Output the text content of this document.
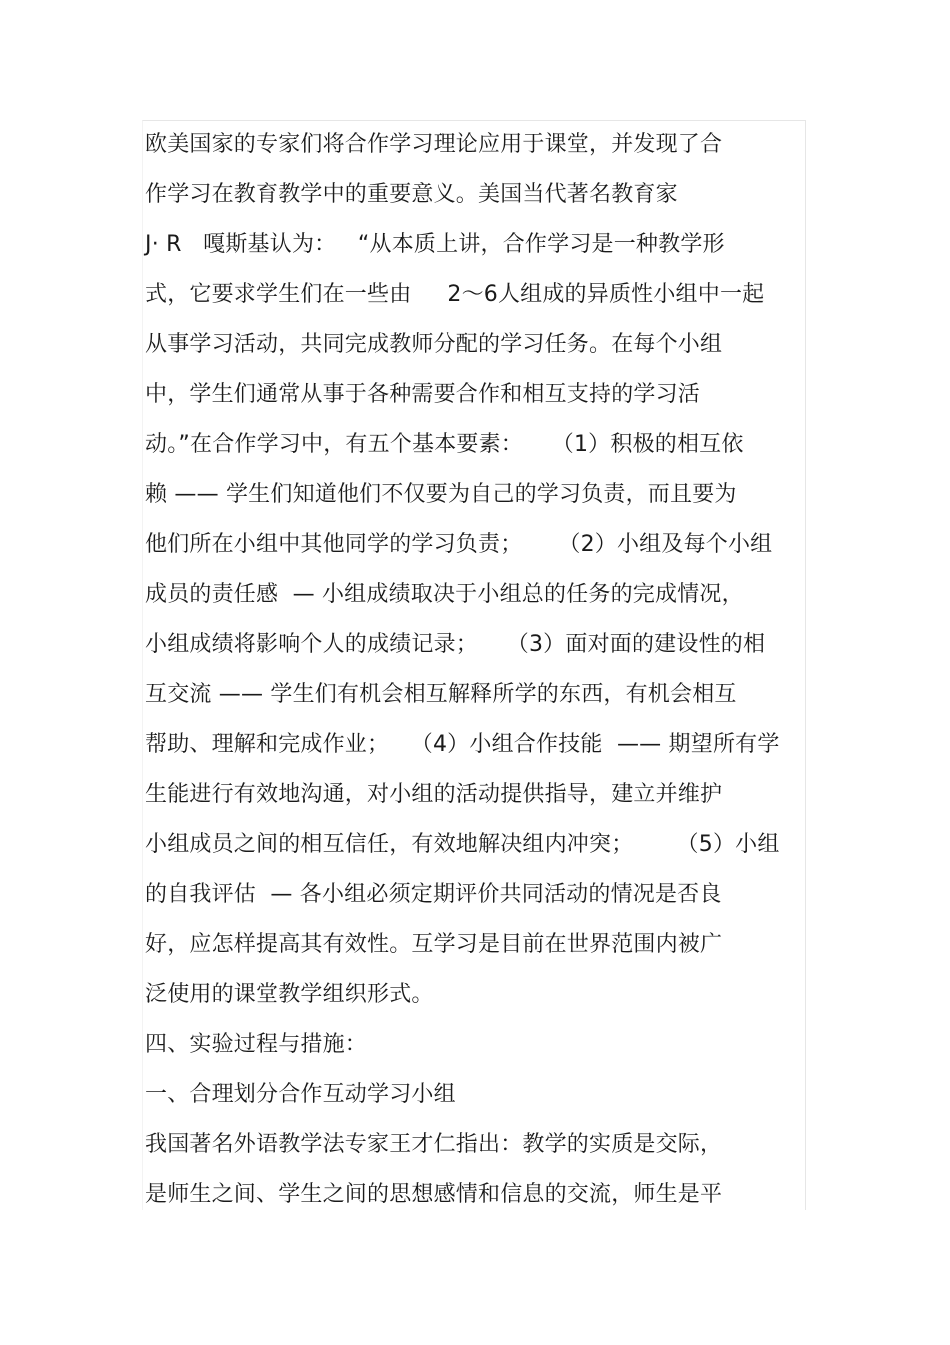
欧美国家的专家们将合作学习理论应用于课堂，并发现了合
作学习在教育教学中的重要意义。美国当代著名教育家
J· R   嘎斯基认为：   “从本质上讲，合作学习是一种教学形
式，它要求学生们在一些由     2～6人组成的异质性小组中一起
从事学习活动，共同完成教师分配的学习任务。在每个小组
中，学生们通常从事于各种需要合作和相互支持的学习活
动。”在合作学习中，有五个基本要素：    （1）积极的相互依
赖 —— 学生们知道他们不仅要为自己的学习负责，而且要为
他们所在小组中其他同学的学习负责；     （2）小组及每个小组
成员的责任感  — 小组成绩取决于小组总的任务的完成情况，
小组成绩将影响个人的成绩记录；    （3）面对面的建设性的相
互交流 —— 学生们有机会相互解释所学的东西，有机会相互
帮助、理解和完成作业；   （4）小组合作技能  —— 期望所有学
生能进行有效地沟通，对小组的活动提供指导，建立并维护
小组成员之间的相互信任，有效地解决组内冲突；      （5）小组
的自我评估  — 各小组必须定期评价共同活动的情况是否良
好，应怎样提高其有效性。互学习是目前在世界范围内被广
泛使用的课堂教学组织形式。
四、实验过程与措施：
一、合理划分合作互动学习小组
我国著名外语教学法专家王才仁指出：教学的实质是交际，
是师生之间、学生之间的思想感情和信息的交流，师生是平
